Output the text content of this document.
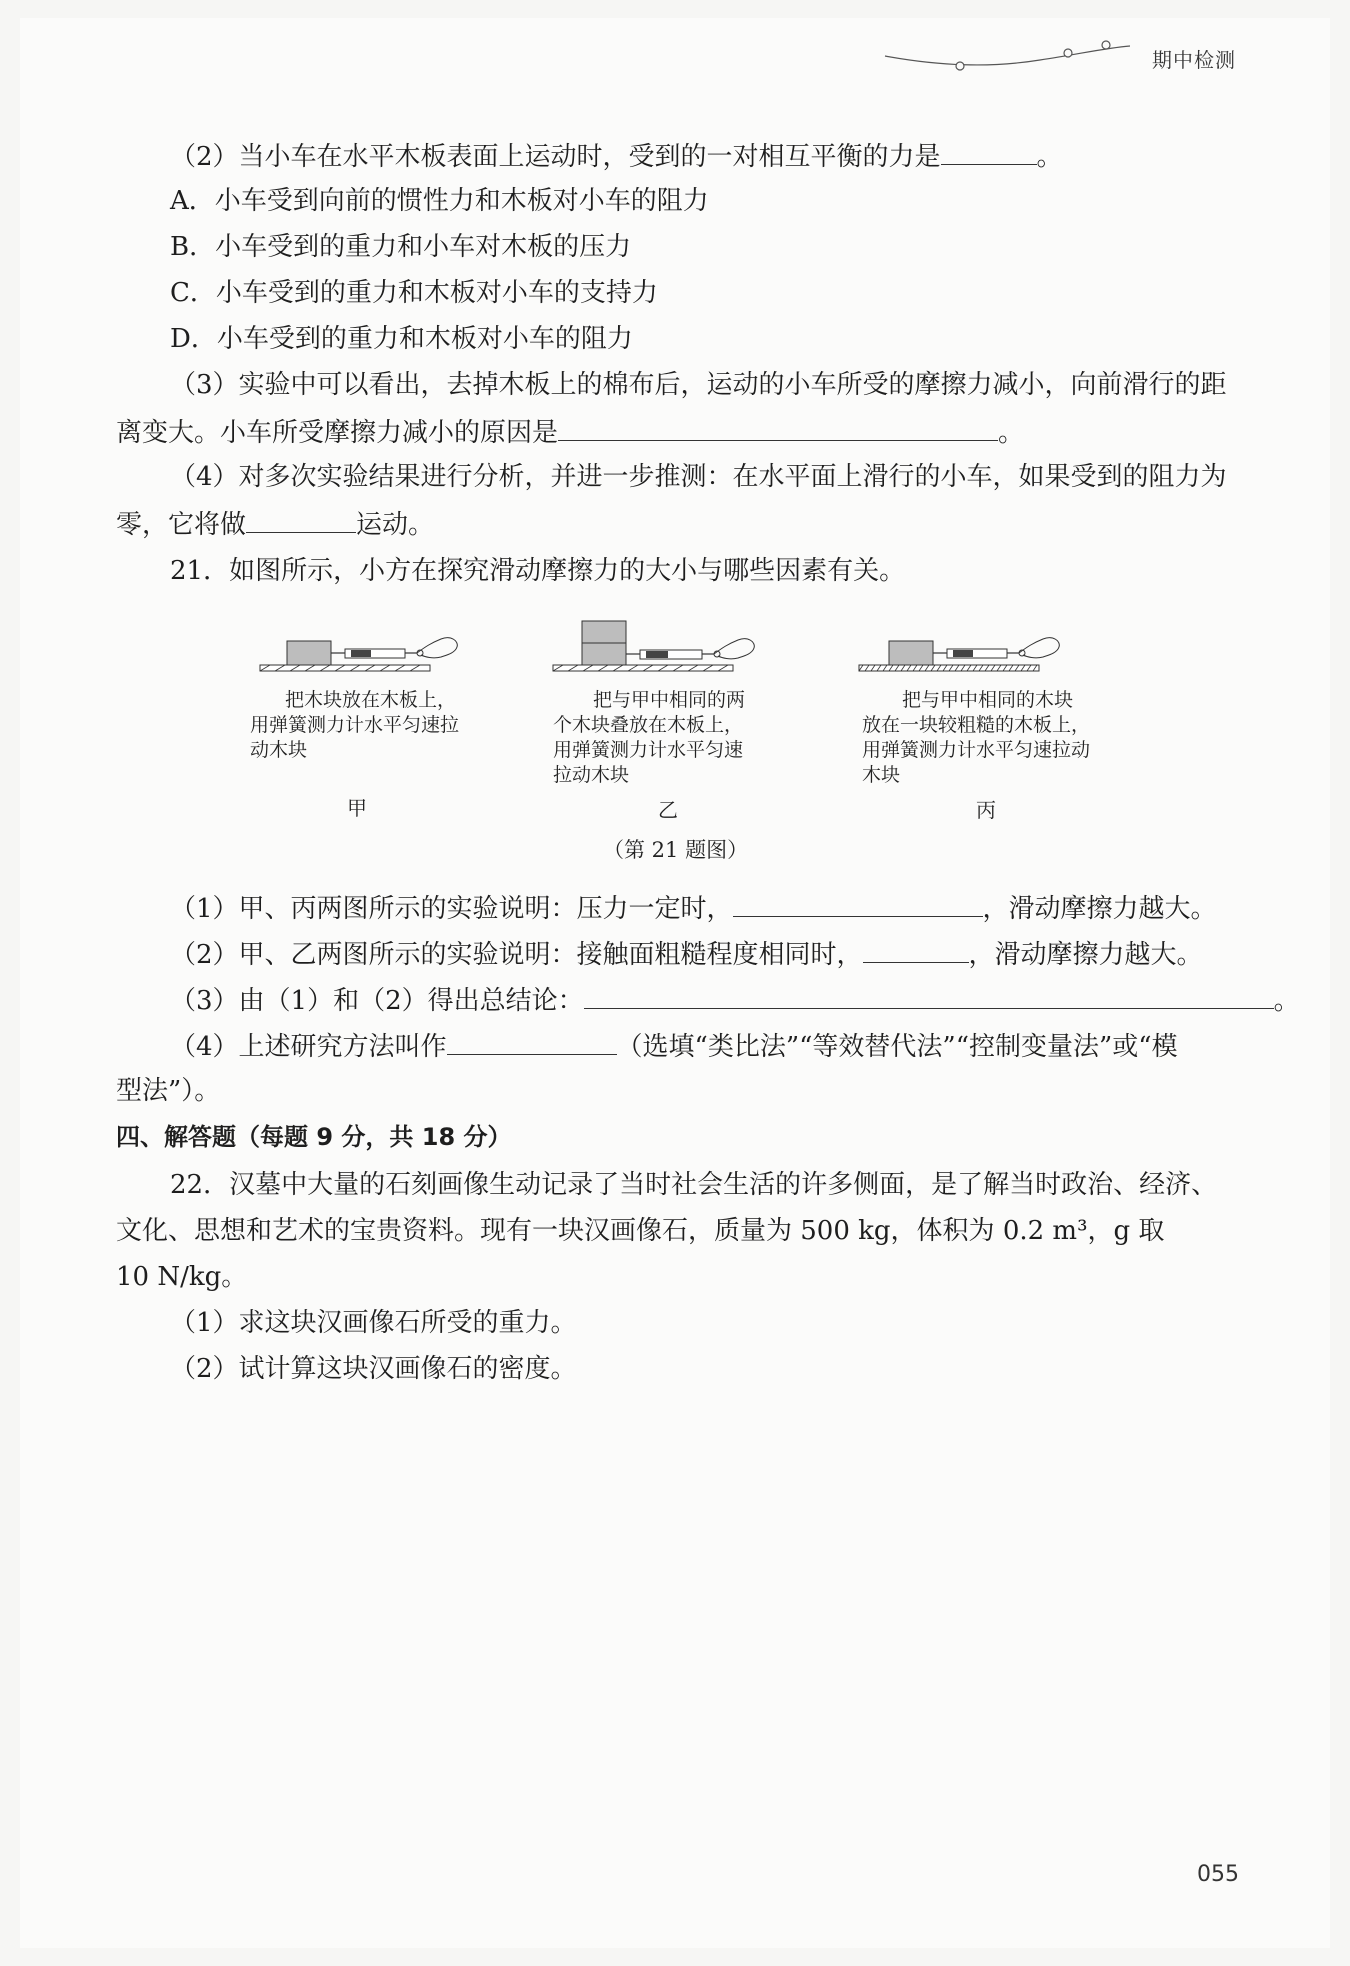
期中检测
（2）当小车在水平木板表面上运动时，受到的一对相互平衡的力是	。
A．小车受到向前的惯性力和木板对小车的阻力
B．小车受到的重力和小车对木板的压力
C．小车受到的重力和木板对小车的支持力
D．小车受到的重力和木板对小车的阻力
（3）实验中可以看出，去掉木板上的棉布后，运动的小车所受的摩擦力减小，向前滑行的距
离变大。小车所受摩擦力减小的原因是	。
（4）对多次实验结果进行分析，并进一步推测：在水平面上滑行的小车，如果受到的阻力为
零，它将做	运动。
21．如图所示，小方在探究滑动摩擦力的大小与哪些因素有关。
把木块放在木板上，
用弹簧测力计水平匀速拉
动木块
甲
把与甲中相同的两
个木块叠放在木板上，
用弹簧测力计水平匀速
拉动木块
乙
把与甲中相同的木块
放在一块较粗糙的木板上，
用弹簧测力计水平匀速拉动
木块
丙
（第 21 题图）
（1）甲、丙两图所示的实验说明：压力一定时，	，滑动摩擦力越大。
（2）甲、乙两图所示的实验说明：接触面粗糙程度相同时，	，滑动摩擦力越大。
（3）由（1）和（2）得出总结论：	。
（4）上述研究方法叫作	（选填“类比法”“等效替代法”“控制变量法”或“模
型法”）。
四、解答题（每题 9 分，共 18 分）
22．汉墓中大量的石刻画像生动记录了当时社会生活的许多侧面，是了解当时政治、经济、
文化、思想和艺术的宝贵资料。现有一块汉画像石，质量为 500 kg，体积为 0.2 m³，g 取
10 N/kg。
（1）求这块汉画像石所受的重力。
（2）试计算这块汉画像石的密度。
055
